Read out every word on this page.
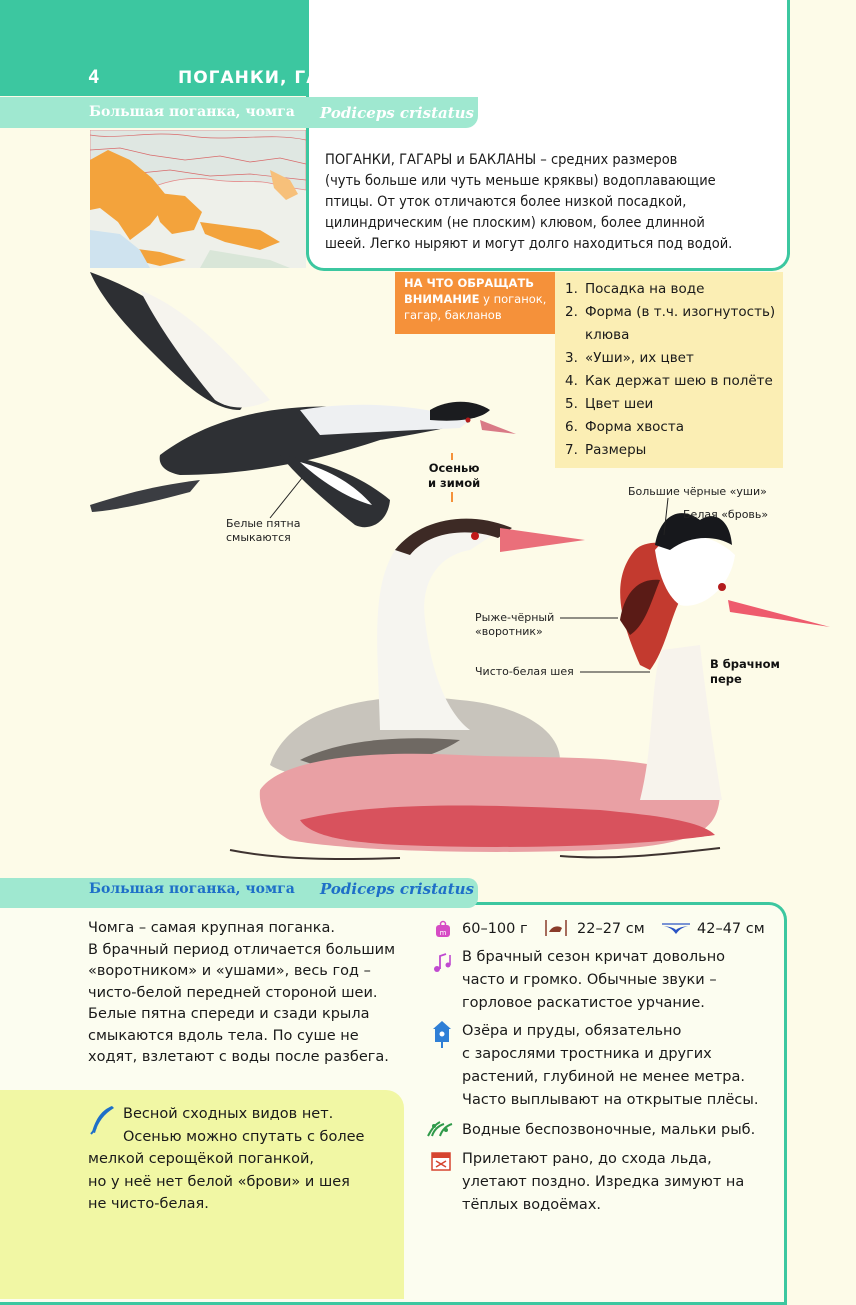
4	ПОГАНКИ, ГАГАРЫ, БАКЛАНЫ
Большая поганка, чомга Podiceps cristatus
ПОГАНКИ, ГАГАРЫ и БАКЛАНЫ – средних размеров
(чуть больше или чуть меньше кряквы) водоплавающие
птицы. От уток отличаются более низкой посадкой,
цилиндрическим (не плоским) клювом, более длинной
шеей. Легко ныряют и могут долго находиться под водой.
НА ЧТО ОБРАЩАТЬ
ВНИМАНИЕ у поганок,
гагар, бакланов
1. Посадка на воде
2. Форма (в т.ч. изогнутость)
клюва
3. «Уши», их цвет
4. Как держат шею в полёте
5. Цвет шеи
6. Форма хвоста
7. Размеры
Белые пятна
смыкаются
Осенью
и зимой
Большие чёрные «уши»
Белая «бровь»
Рыже-чёрный
«воротник»
Чисто-белая шея
В брачном
пере
Большая поганка, чомга Podiceps cristatus
Чомга – самая крупная поганка.
В брачный период отличается большим
«воротником» и «ушами», весь год –
чисто-белой передней стороной шеи.
Белые пятна спереди и сзади крыла
смыкаются вдоль тела. По суше не
ходят, взлетают с воды после разбега.
Весной сходных видов нет.
Осенью можно спутать с более
мелкой серощёкой поганкой,
но у неё нет белой «брови» и шея
не чисто-белая.
m 60–100 г	22–27 см	42–47 см
В брачный сезон кричат довольно
часто и громко. Обычные звуки –
горловое раскатистое урчание.
Озёра и пруды, обязательно
с зарослями тростника и других
растений, глубиной не менее метра.
Часто выплывают на открытые плёсы.
Водные беспозвоночные, мальки рыб.
Прилетают рано, до схода льда,
улетают поздно. Изредка зимуют на
тёплых водоёмах.
